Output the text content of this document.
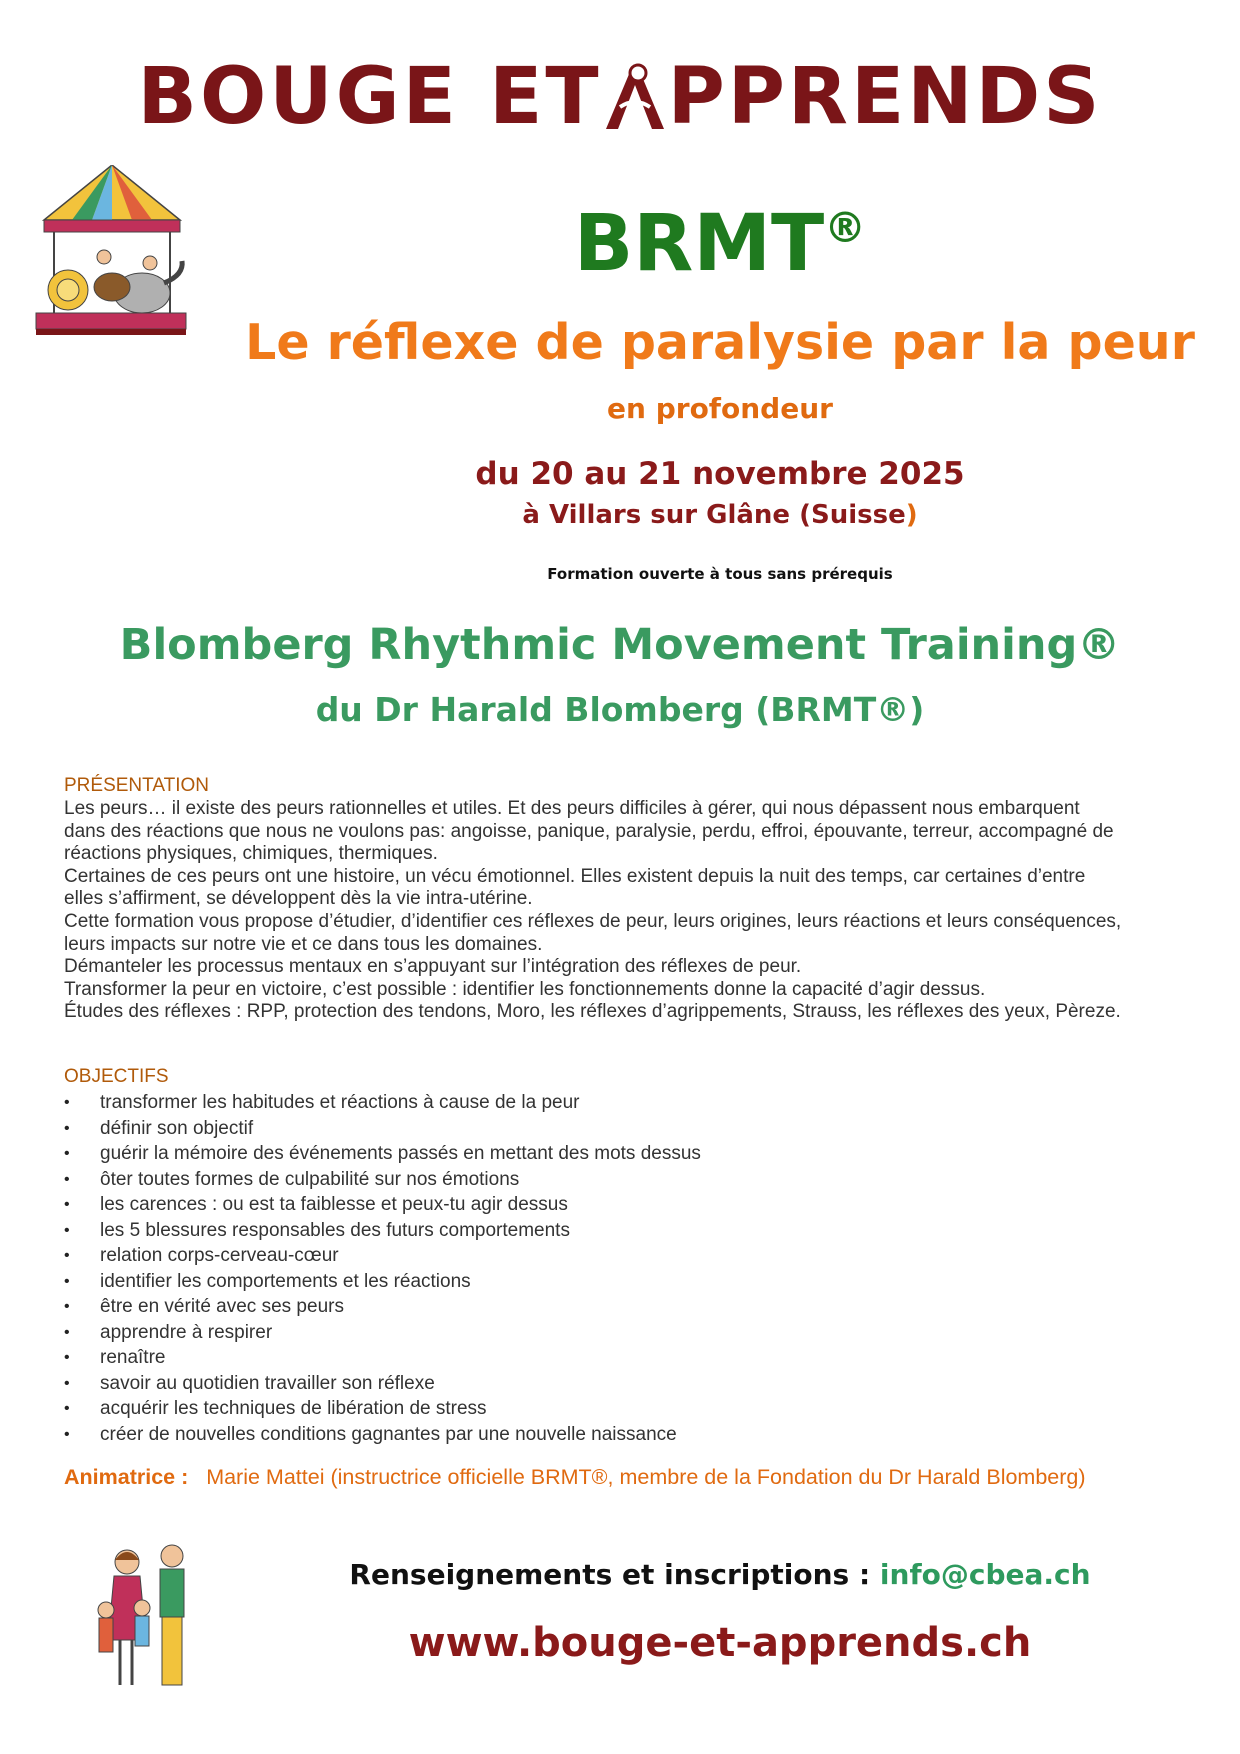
BOUGE ET PPRENDS
BRMT®
Le réflexe de paralysie par la peur
en profondeur
du 20 au 21 novembre 2025
à Villars sur Glâne (Suisse)
Formation ouverte à tous sans prérequis
Blomberg Rhythmic Movement Training®
du Dr Harald Blomberg (BRMT®)
PRÉSENTATION

Les peurs… il existe des peurs rationnelles et utiles. Et des peurs difficiles à gérer, qui nous dépassent nous embarquent dans des réactions que nous ne voulons pas: angoisse, panique, paralysie, perdu, effroi, épouvante, terreur, accompagné de réactions physiques, chimiques, thermiques.

Certaines de ces peurs ont une histoire, un vécu émotionnel. Elles existent depuis la nuit des temps, car certaines d’entre elles s’affirment, se développent dès la vie intra-utérine.

Cette formation vous propose d’étudier, d’identifier ces réflexes de peur, leurs origines, leurs réactions et leurs conséquences, leurs impacts sur notre vie et ce dans tous les domaines.

Démanteler les processus mentaux en s’appuyant sur l’intégration des réflexes de peur.

Transformer la peur en victoire, c’est possible : identifier les fonctionnements donne la capacité d’agir dessus.

Études des réflexes : RPP, protection des tendons, Moro, les réflexes d’agrippements, Strauss, les réflexes des yeux, Pèreze.

OBJECTIFS
• transformer les habitudes et réactions à cause de la peur
• définir son objectif
• guérir la mémoire des événements passés en mettant des mots dessus
• ôter toutes formes de culpabilité sur nos émotions
• les carences : ou est ta faiblesse et peux-tu agir dessus
• les 5 blessures responsables des futurs comportements
• relation corps-cerveau-cœur
• identifier les comportements et les réactions
• être en vérité avec ses peurs
• apprendre à respirer
• renaître
• savoir au quotidien travailler son réflexe
• acquérir les techniques de libération de stress
• créer de nouvelles conditions gagnantes par une nouvelle naissance
Animatrice : Marie Mattei (instructrice officielle BRMT®, membre de la Fondation du Dr Harald Blomberg)
Renseignements et inscriptions : info@cbea.ch
www.bouge-et-apprends.ch
